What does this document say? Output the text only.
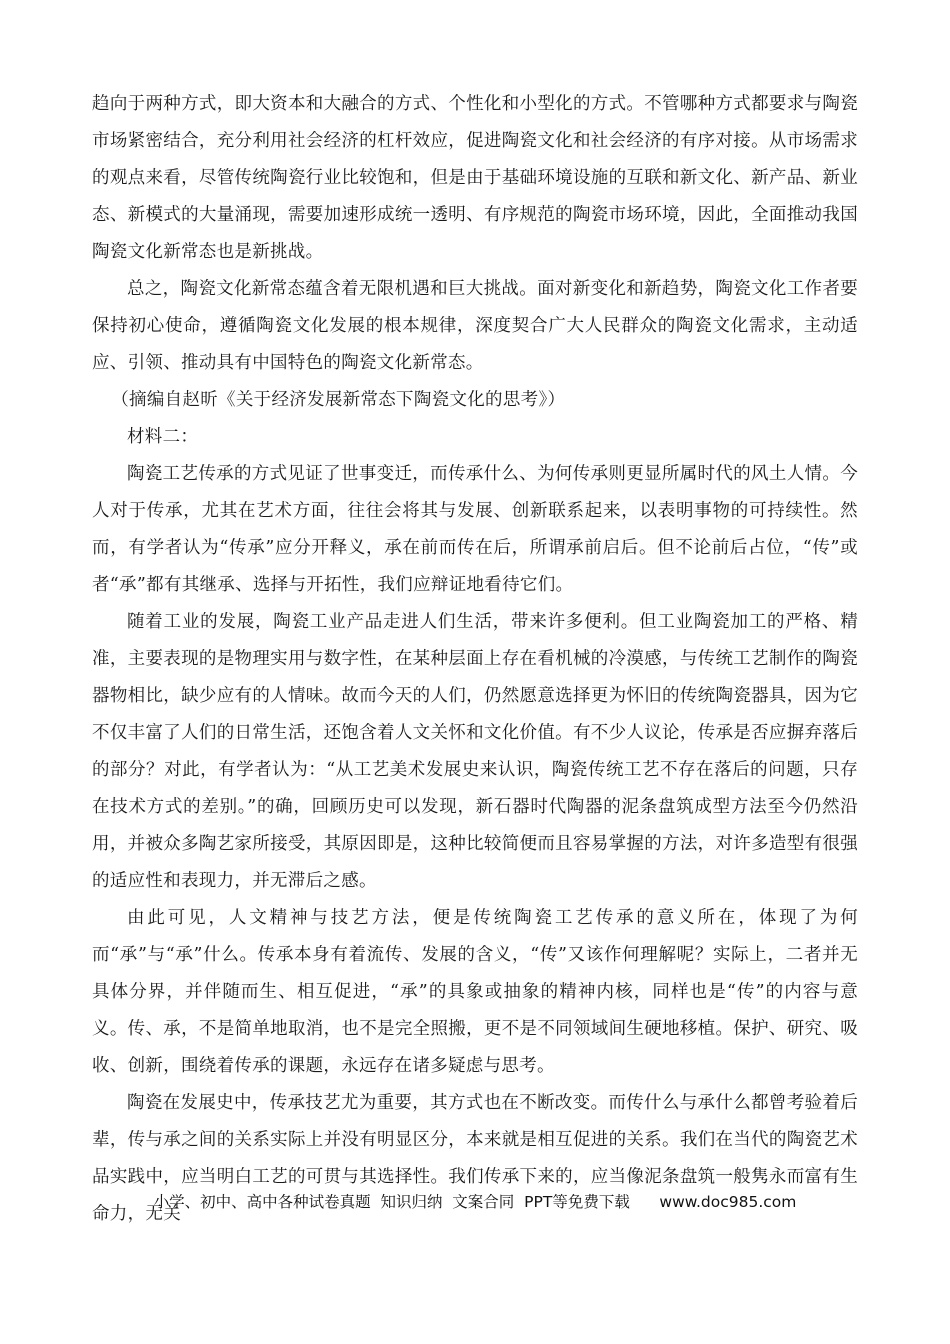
趋向于两种方式，即大资本和大融合的方式、个性化和小型化的方式。不管哪种方式都要求与陶瓷市场紧密结合，充分利用社会经济的杠杆效应，促进陶瓷文化和社会经济的有序对接。从市场需求的观点来看，尽管传统陶瓷行业比较饱和，但是由于基础环境设施的互联和新文化、新产品、新业态、新模式的大量涌现，需要加速形成统一透明、有序规范的陶瓷市场环境，因此，全面推动我国陶瓷文化新常态也是新挑战。

总之，陶瓷文化新常态蕴含着无限机遇和巨大挑战。面对新变化和新趋势，陶瓷文化工作者要保持初心使命，遵循陶瓷文化发展的根本规律，深度契合广大人民群众的陶瓷文化需求，主动适应、引领、推动具有中国特色的陶瓷文化新常态。

（摘编自赵昕《关于经济发展新常态下陶瓷文化的思考》）

材料二：

陶瓷工艺传承的方式见证了世事变迁，而传承什么、为何传承则更显所属时代的风土人情。今人对于传承，尤其在艺术方面，往往会将其与发展、创新联系起来，以表明事物的可持续性。然而，有学者认为“传承”应分开释义，承在前而传在后，所谓承前启后。但不论前后占位，“传”或者“承”都有其继承、选择与开拓性，我们应辩证地看待它们。

随着工业的发展，陶瓷工业产品走进人们生活，带来许多便利。但工业陶瓷加工的严格、精准，主要表现的是物理实用与数字性，在某种层面上存在看机械的冷漠感，与传统工艺制作的陶瓷器物相比，缺少应有的人情味。故而今天的人们，仍然愿意选择更为怀旧的传统陶瓷器具，因为它不仅丰富了人们的日常生活，还饱含着人文关怀和文化价值。有不少人议论，传承是否应摒弃落后的部分？对此，有学者认为：“从工艺美术发展史来认识，陶瓷传统工艺不存在落后的问题，只存在技术方式的差别。”的确，回顾历史可以发现，新石器时代陶器的泥条盘筑成型方法至今仍然沿用，并被众多陶艺家所接受，其原因即是，这种比较简便而且容易掌握的方法，对许多造型有很强的适应性和表现力，并无滞后之感。

由此可见，人文精神与技艺方法，便是传统陶瓷工艺传承的意义所在，体现了为何而“承”与“承”什么。传承本身有着流传、发展的含义，“传”又该作何理解呢？实际上，二者并无具体分界，并伴随而生、相互促进，“承”的具象或抽象的精神内核，同样也是“传”的内容与意义。传、承，不是简单地取消，也不是完全照搬，更不是不同领域间生硬地移植。保护、研究、吸收、创新，围绕着传承的课题，永远存在诸多疑虑与思考。

陶瓷在发展史中，传承技艺尤为重要，其方式也在不断改变。而传什么与承什么都曾考验着后辈，传与承之间的关系实际上并没有明显区分，本来就是相互促进的关系。我们在当代的陶瓷艺术品实践中，应当明白工艺的可贯与其选择性。我们传承下来的，应当像泥条盘筑一般隽永而富有生命力，无关

小学、初中、高中各种试卷真题  知识归纳  文案合同  PPT等免费下载 www.doc985.com
